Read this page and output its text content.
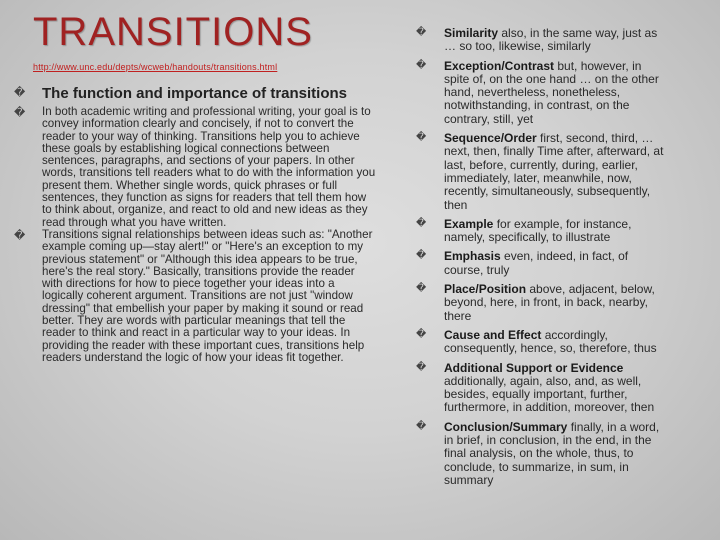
TRANSITIONS
http://www.unc.edu/depts/wcweb/handouts/transitions.html
�	The function and importance of transitions
�	In both academic writing and professional writing, your goal is to convey information clearly and concisely, if not to convert the reader to your way of thinking. Transitions help you to achieve these goals by establishing logical connections between sentences, paragraphs, and sections of your papers. In other words, transitions tell readers what to do with the information you present them. Whether single words, quick phrases or full sentences, they function as signs for readers that tell them how to think about, organize, and react to old and new ideas as they read through what you have written.
�	Transitions signal relationships between ideas such as: "Another example coming up—stay alert!" or "Here's an exception to my previous statement" or "Although this idea appears to be true, here's the real story." Basically, transitions provide the reader with directions for how to piece together your ideas into a logically coherent argument. Transitions are not just "window dressing" that embellish your paper by making it sound or read better. They are words with particular meanings that tell the reader to think and react in a particular way to your ideas. In providing the reader with these important cues, transitions help readers understand the logic of how your ideas fit together.
�	Similarity also, in the same way, just as … so too, likewise, similarly
�	Exception/Contrast but, however, in spite of, on the one hand … on the other hand, nevertheless, nonetheless, notwithstanding, in contrast, on the contrary, still, yet
�	Sequence/Order first, second, third, … next, then, finally Time after, afterward, at last, before, currently, during, earlier, immediately, later, meanwhile, now, recently, simultaneously, subsequently, then
�	Example for example, for instance, namely, specifically, to illustrate
�	Emphasis even, indeed, in fact, of course, truly
�	Place/Position above, adjacent, below, beyond, here, in front, in back, nearby, there
�	Cause and Effect accordingly, consequently, hence, so, therefore, thus
�	Additional Support or Evidence additionally, again, also, and, as well, besides, equally important, further, furthermore, in addition, moreover, then
�	Conclusion/Summary finally, in a word, in brief, in conclusion, in the end, in the final analysis, on the whole, thus, to conclude, to summarize, in sum, in summary
